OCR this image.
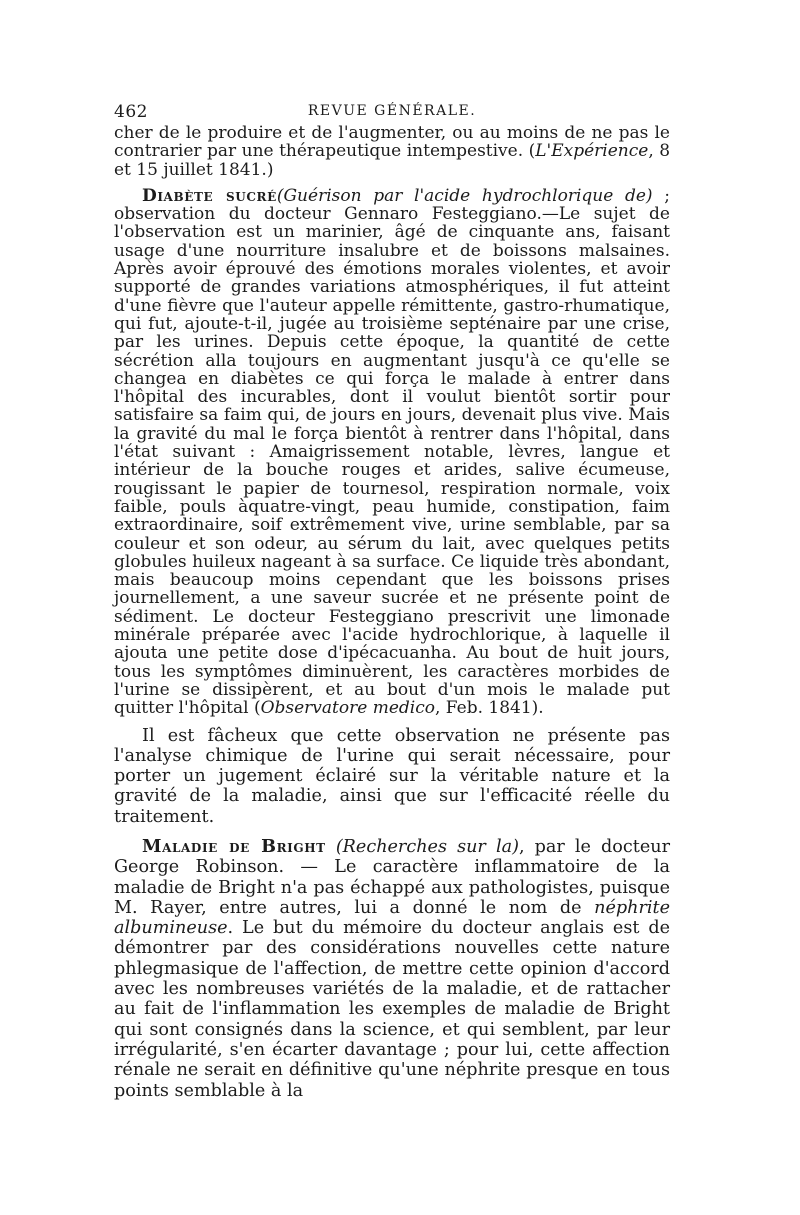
462	REVUE GÉNÉRALE.

cher de le produire et de l'augmenter, ou au moins de ne pas le contrarier par une thérapeutique intempestive. (L'Expérience, 8 et 15 juillet 1841.)

Diabète sucré(Guérison par l'acide hydrochlorique de) ; observation du docteur Gennaro Festeggiano.—Le sujet de l'observation est un marinier, âgé de cinquante ans, faisant usage d'une nourriture insalubre et de boissons malsaines. Après avoir éprouvé des émotions morales violentes, et avoir supporté de grandes variations atmosphériques, il fut atteint d'une fièvre que l'auteur appelle rémittente, gastro-rhumatique, qui fut, ajoute-t-il, jugée au troisième septénaire par une crise, par les urines. Depuis cette époque, la quantité de cette sécrétion alla toujours en augmentant jusqu'à ce qu'elle se changea en diabètes ce qui força le malade à entrer dans l'hôpital des incurables, dont il voulut bientôt sortir pour satisfaire sa faim qui, de jours en jours, devenait plus vive. Mais la gravité du mal le força bientôt à rentrer dans l'hôpital, dans l'état suivant : Amaigrissement notable, lèvres, langue et intérieur de la bouche rouges et arides, salive écumeuse, rougissant le papier de tournesol, respiration normale, voix faible, pouls àquatre-vingt, peau humide, constipation, faim extraordinaire, soif extrêmement vive, urine semblable, par sa couleur et son odeur, au sérum du lait, avec quelques petits globules huileux nageant à sa surface. Ce liquide très abondant, mais beaucoup moins cependant que les boissons prises journellement, a une saveur sucrée et ne présente point de sédiment. Le docteur Festeggiano prescrivit une limonade minérale préparée avec l'acide hydrochlorique, à laquelle il ajouta une petite dose d'ipécacuanha. Au bout de huit jours, tous les symptômes diminuèrent, les caractères morbides de l'urine se dissipèrent, et au bout d'un mois le malade put quitter l'hôpital (Observatore medico, Feb. 1841).

Il est fâcheux que cette observation ne présente pas l'analyse chimique de l'urine qui serait nécessaire, pour porter un jugement éclairé sur la véritable nature et la gravité de la maladie, ainsi que sur l'efficacité réelle du traitement.

Maladie de Bright (Recherches sur la), par le docteur George Robinson. — Le caractère inflammatoire de la maladie de Bright n'a pas échappé aux pathologistes, puisque M. Rayer, entre autres, lui a donné le nom de néphrite albumineuse. Le but du mémoire du docteur anglais est de démontrer par des considérations nouvelles cette nature phlegmasique de l'affection, de mettre cette opinion d'accord avec les nombreuses variétés de la maladie, et de rattacher au fait de l'inflammation les exemples de maladie de Bright qui sont consignés dans la science, et qui semblent, par leur irrégularité, s'en écarter davantage ; pour lui, cette affection rénale ne serait en définitive qu'une néphrite presque en tous points semblable à la
